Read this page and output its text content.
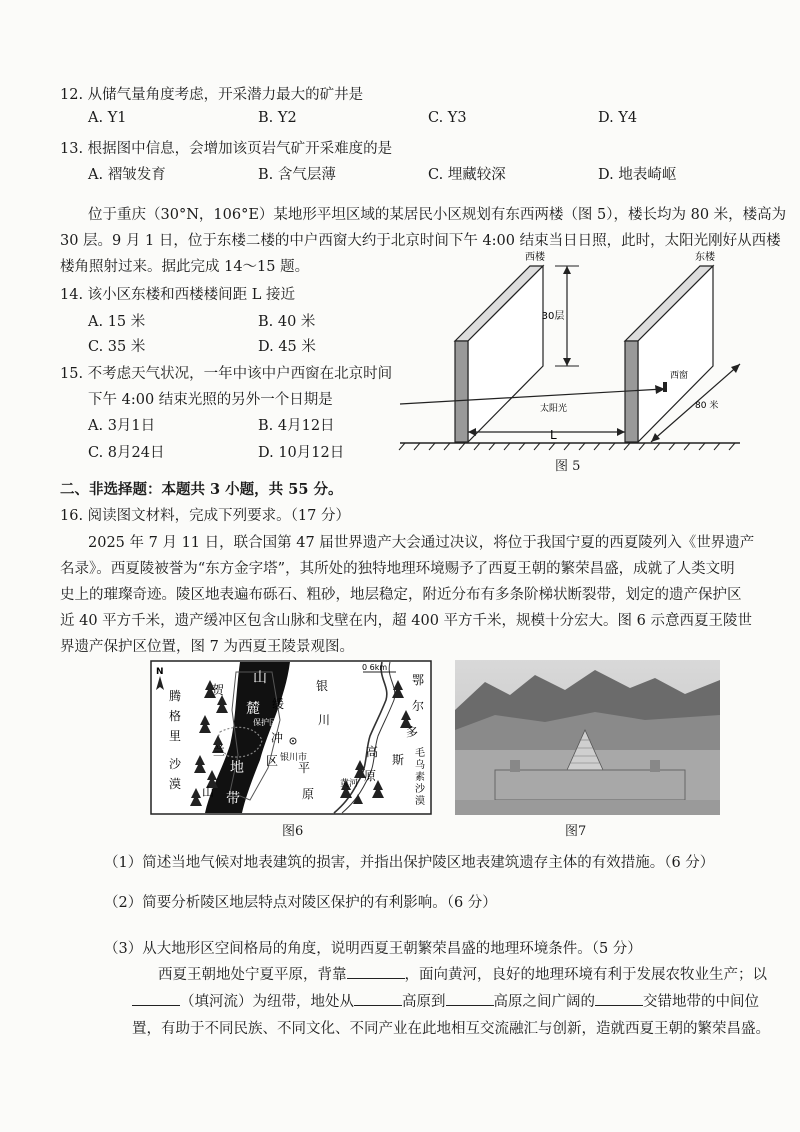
12. 从储气量角度考虑，开采潜力最大的矿井是
A. Y1	B. Y2	C. Y3	D. Y4
13. 根据图中信息，会增加该页岩气矿开采难度的是
A. 褶皱发育	B. 含气层薄	C. 埋藏较深	D. 地表崎岖
位于重庆（30°N，106°E）某地形平坦区域的某居民小区规划有东西两楼（图 5），楼长均为 80 米，楼高为
30 层。9 月 1 日，位于东楼二楼的中户西窗大约于北京时间下午 4:00 结束当日日照，此时，太阳光刚好从西楼
楼角照射过来。据此完成 14～15 题。
14. 该小区东楼和西楼楼间距 L 接近
A. 15 米	B. 40 米
C. 35 米	D. 45 米
15. 不考虑天气状况，一年中该中户西窗在北京时间
下午 4:00 结束光照的另外一个日期是
A. 3月1日	B. 4月12日
C. 8月24日	D. 10月12日
西楼	东楼
30层
西窗
太阳光	80 米
L
图 5
二、非选择题：本题共 3 小题，共 55 分。
16. 阅读图文材料，完成下列要求。（17 分）
2025 年 7 月 11 日，联合国第 47 届世界遗产大会通过决议，将位于我国宁夏的西夏陵列入《世界遗产
名录》。西夏陵被誉为“东方金字塔”，其所处的独特地理环境赐予了西夏王朝的繁荣昌盛，成就了人类文明
史上的璀璨奇迹。陵区地表遍布砾石、粗砂，地层稳定，附近分布有多条阶梯状断裂带，划定的遗产保护区
近 40 平方千米，遗产缓冲区包含山脉和戈壁在内，超 400 平方千米，规模十分宏大。图 6 示意西夏王陵世
界遗产保护区位置，图 7 为西夏王陵景观图。
N	0 6km
腾
格
里
沙
漠
贺
兰
山
山
麓
地
带
保护区
缓
冲
区 银川市
银
川
平
原
黄河
鄂
尔
多
斯
高
原
毛
乌
素
沙
漠
图6	图7
（1）简述当地气候对地表建筑的损害，并指出保护陵区地表建筑遗存主体的有效措施。（6 分）
（2）简要分析陵区地层特点对陵区保护的有利影响。（6 分）
（3）从大地形区空间格局的角度，说明西夏王朝繁荣昌盛的地理环境条件。（5 分）
西夏王朝地处宁夏平原，背靠	，面向黄河，良好的地理环境有利于发展农牧业生产；以
（填河流）为纽带，地处从	高原到	高原之间广阔的	交错地带的中间位
置，有助于不同民族、不同文化、不同产业在此地相互交流融汇与创新，造就西夏王朝的繁荣昌盛。
